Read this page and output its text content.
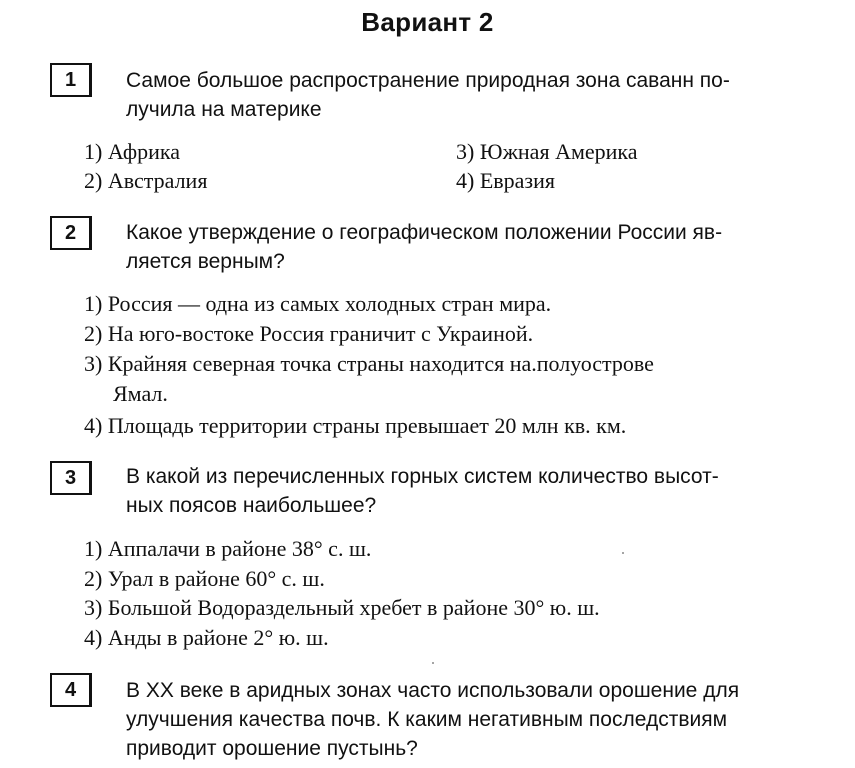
Вариант 2
1	Самое большое распространение природная зона саванн по-
лучила на материке
1) Африка
2) Австралия
3) Южная Америка
4) Евразия
2	Какое утверждение о географическом положении России яв-
ляется верным?
1) Россия — одна из самых холодных стран мира.
2) На юго-востоке Россия граничит с Украиной.
3) Крайняя северная точка страны находится на.полуострове
Ямал.
4) Площадь территории страны превышает 20 млн кв. км.
3	В какой из перечисленных горных систем количество высот-
ных поясов наибольшее?
1) Аппалачи в районе 38° с. ш.
2) Урал в районе 60° с. ш.
3) Большой Водораздельный хребет в районе 30° ю. ш.
4) Анды в районе 2° ю. ш.
4	В XX веке в аридных зонах часто использовали орошение для
улучшения качества почв. К каким негативным последствиям
приводит орошение пустынь?
